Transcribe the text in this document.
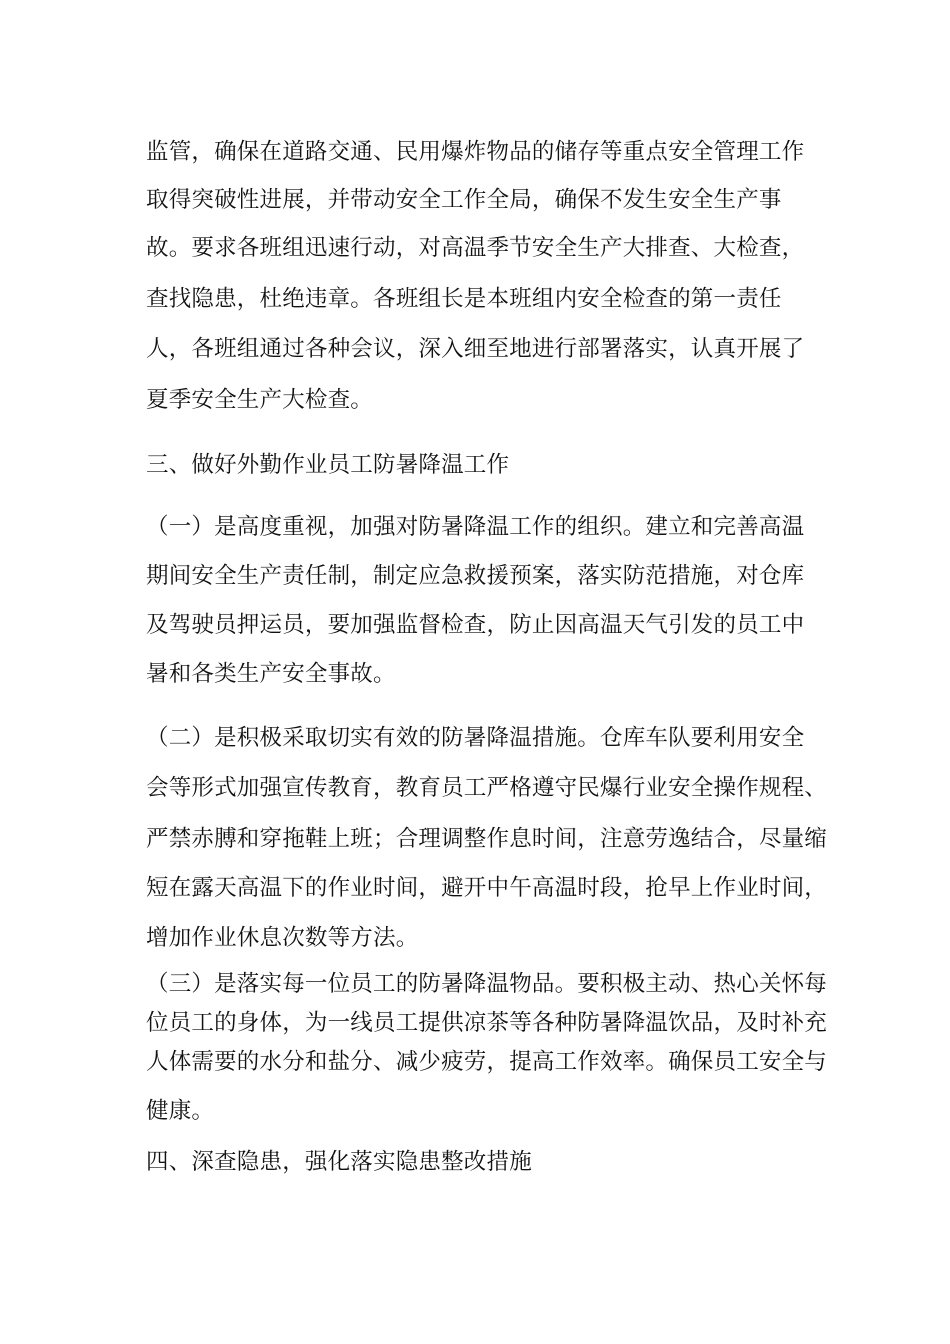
监管，确保在道路交通、民用爆炸物品的储存等重点安全管理工作

取得突破性进展，并带动安全工作全局，确保不发生安全生产事

故。要求各班组迅速行动，对高温季节安全生产大排查、大检查，

查找隐患，杜绝违章。各班组长是本班组内安全检查的第一责任

人，各班组通过各种会议，深入细至地进行部署落实，认真开展了

夏季安全生产大检查。

三、做好外勤作业员工防暑降温工作

（一）是高度重视，加强对防暑降温工作的组织。建立和完善高温

期间安全生产责任制，制定应急救援预案，落实防范措施，对仓库

及驾驶员押运员，要加强监督检查，防止因高温天气引发的员工中

暑和各类生产安全事故。

（二）是积极采取切实有效的防暑降温措施。仓库车队要利用安全

会等形式加强宣传教育，教育员工严格遵守民爆行业安全操作规程、

严禁赤膊和穿拖鞋上班；合理调整作息时间，注意劳逸结合，尽量缩

短在露天高温下的作业时间，避开中午高温时段，抢早上作业时间，

增加作业休息次数等方法。

（三）是落实每一位员工的防暑降温物品。要积极主动、热心关怀每

位员工的身体，为一线员工提供凉茶等各种防暑降温饮品，及时补充

人体需要的水分和盐分、减少疲劳，提高工作效率。确保员工安全与

健康。

四、深查隐患，强化落实隐患整改措施
